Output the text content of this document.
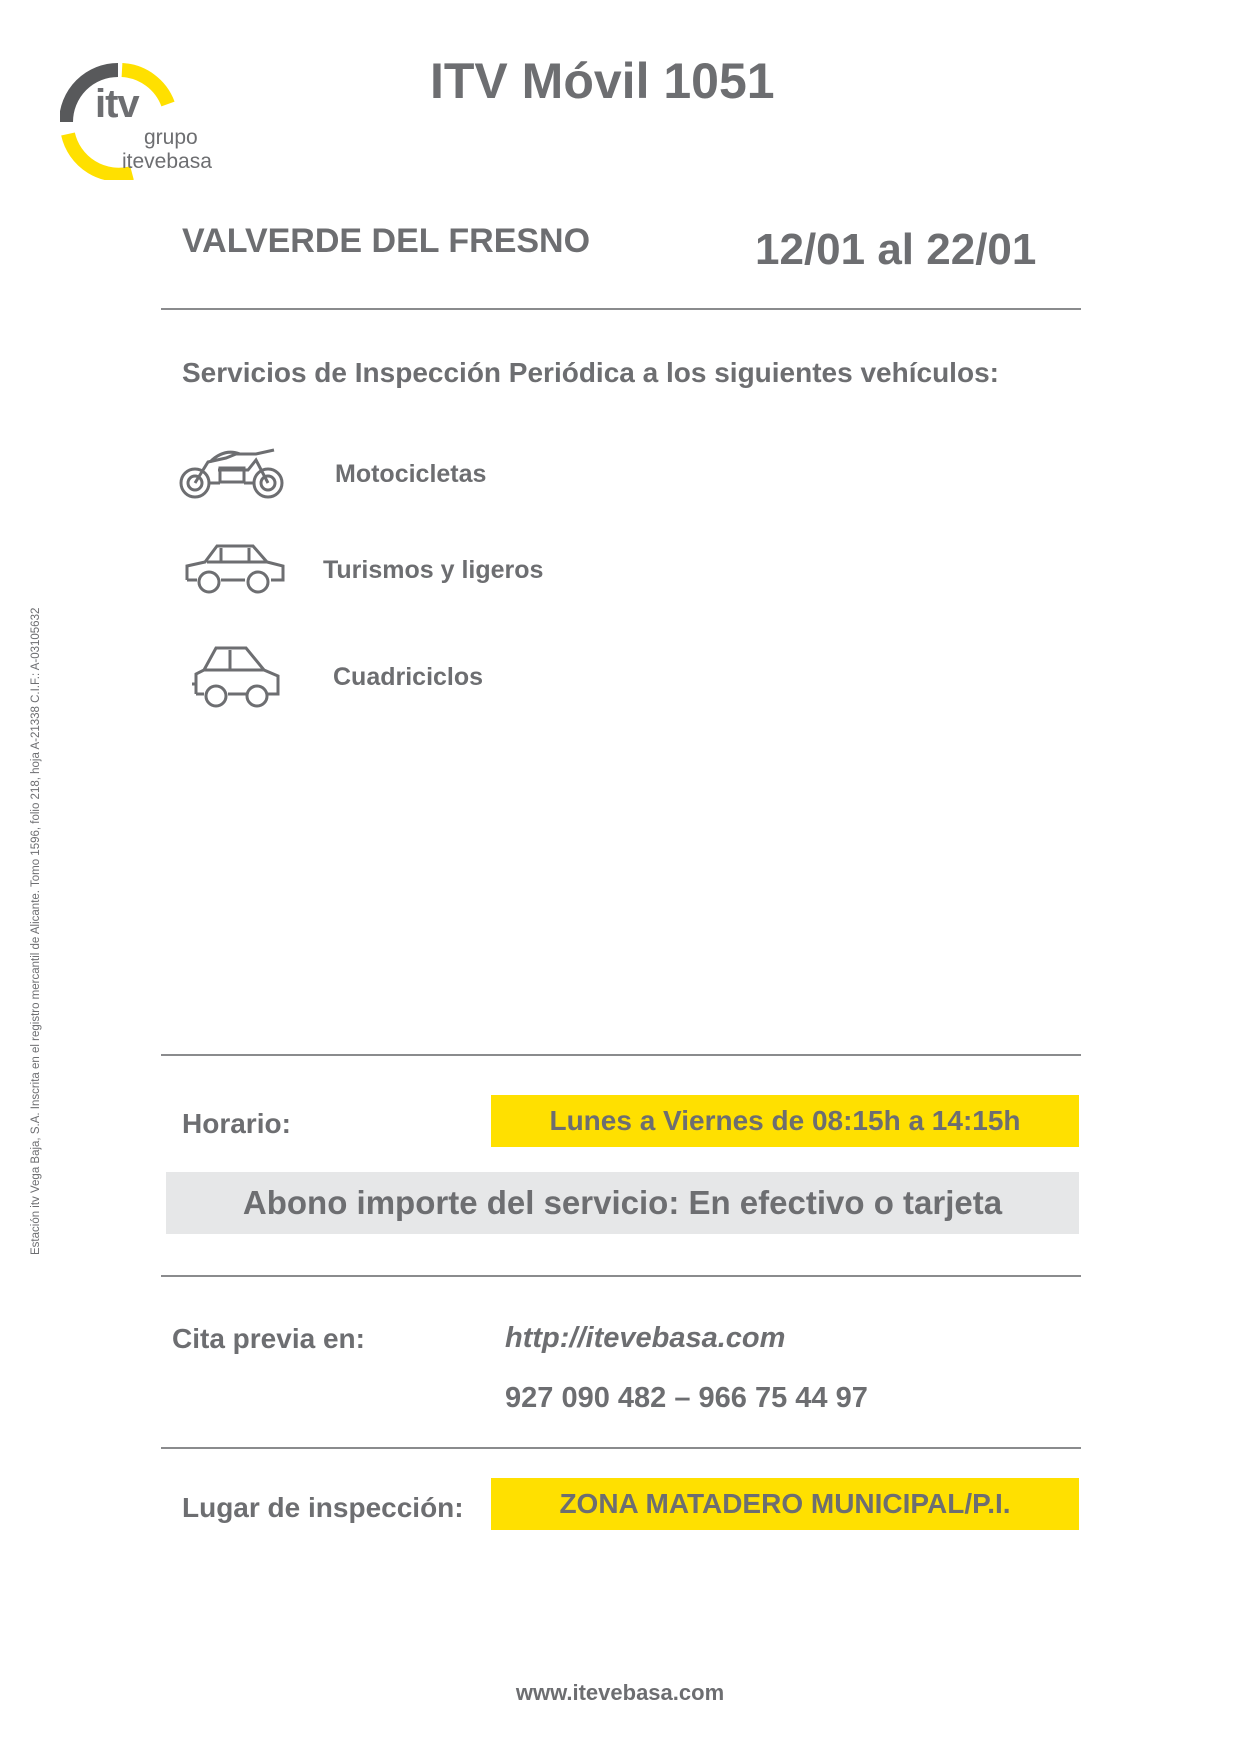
itv
grupo
itevebasa
ITV Móvil 1051
VALVERDE DEL FRESNO	12/01 al 22/01
Servicios de Inspección Periódica a los siguientes vehículos:
Motocicletas
Turismos y ligeros
Cuadriciclos
Horario:	Lunes a Viernes de 08:15h a 14:15h
Abono importe del servicio: En efectivo o tarjeta
Cita previa en:	http://itevebasa.com
927 090 482 – 966 75 44 97
Lugar de inspección:	ZONA MATADERO MUNICIPAL/P.I.
www.itevebasa.com
Estación itv Vega Baja, S.A. Inscrita en el registro mercantil de Alicante. Tomo 1596, folio 218, hoja A-21338 C.I.F.: A-03105632
